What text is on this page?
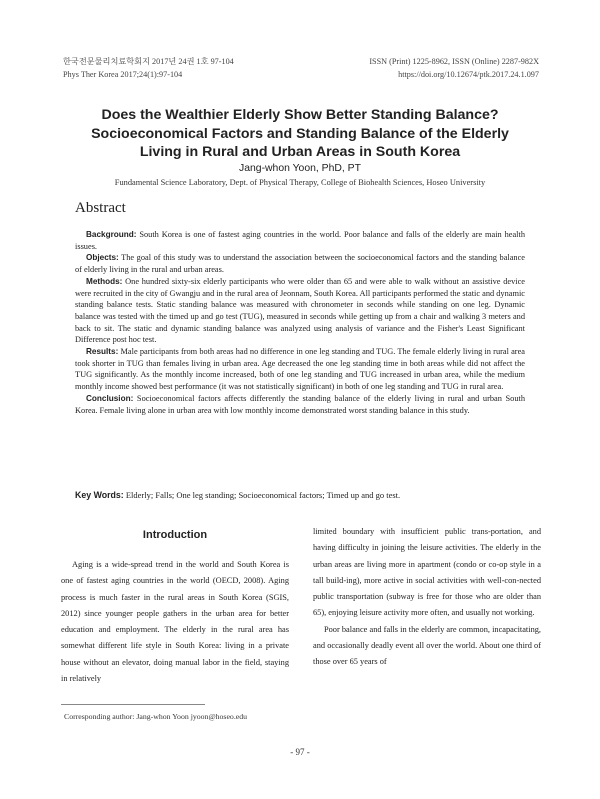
한국전문물리치료학회지 2017년 24권 1호 97-104
Phys Ther Korea 2017;24(1):97-104
ISSN (Print) 1225-8962, ISSN (Online) 2287-982X
https://doi.org/10.12674/ptk.2017.24.1.097
Does the Wealthier Elderly Show Better Standing Balance?
Socioeconomical Factors and Standing Balance of the Elderly
Living in Rural and Urban Areas in South Korea
Jang-whon Yoon, PhD, PT
Fundamental Science Laboratory, Dept. of Physical Therapy, College of Biohealth Sciences, Hoseo University
Abstract

Background: South Korea is one of fastest aging countries in the world. Poor balance and falls of the elderly are main health issues.

Objects: The goal of this study was to understand the association between the socioeconomical factors and the standing balance of elderly living in the rural and urban areas.

Methods: One hundred sixty-six elderly participants who were older than 65 and were able to walk without an assistive device were recruited in the city of Gwangju and in the rural area of Jeonnam, South Korea. All participants performed the static and dynamic standing balance tests. Static standing balance was measured with chronometer in seconds while standing on one leg. Dynamic balance was tested with the timed up and go test (TUG), measured in seconds while getting up from a chair and walking 3 meters and back to sit. The static and dynamic standing balance was analyzed using analysis of variance and the Fisher's Least Significant Difference post hoc test.

Results: Male participants from both areas had no difference in one leg standing and TUG. The female elderly living in rural area took shorter in TUG than females living in urban area. Age decreased the one leg standing time in both areas while did not affect the TUG significantly. As the monthly income increased, both of one leg standing and TUG increased in urban area, while the medium monthly income showed best performance (it was not statistically significant) in both of one leg standing and TUG in rural area.

Conclusion: Socioeconomical factors affects differently the standing balance of the elderly living in rural and urban South Korea. Female living alone in urban area with low monthly income demonstrated worst standing balance in this study.

Key Words: Elderly; Falls; One leg standing; Socioeconomical factors; Timed up and go test.
Introduction

Aging is a wide-spread trend in the world and South Korea is one of fastest aging countries in the world (OECD, 2008). Aging process is much faster in the rural areas in South Korea (SGIS, 2012) since younger people gathers in the urban area for better education and employment. The elderly in the rural area has somewhat different life style in South Korea: living in a private house without an elevator, doing manual labor in the field, staying in relatively

limited boundary with insufficient public trans-portation, and having difficulty in joining the leisure activities. The elderly in the urban areas are living more in apartment (condo or co-op style in a tall build-ing), more active in social activities with well-con-nected public transportation (subway is free for those who are older than 65), enjoying leisure activity more often, and usually not working.

Poor balance and falls in the elderly are common, incapacitating, and occasionally deadly event all over the world. About one third of those over 65 years of

Corresponding author: Jang-whon Yoon jyoon@hoseo.edu
- 97 -
